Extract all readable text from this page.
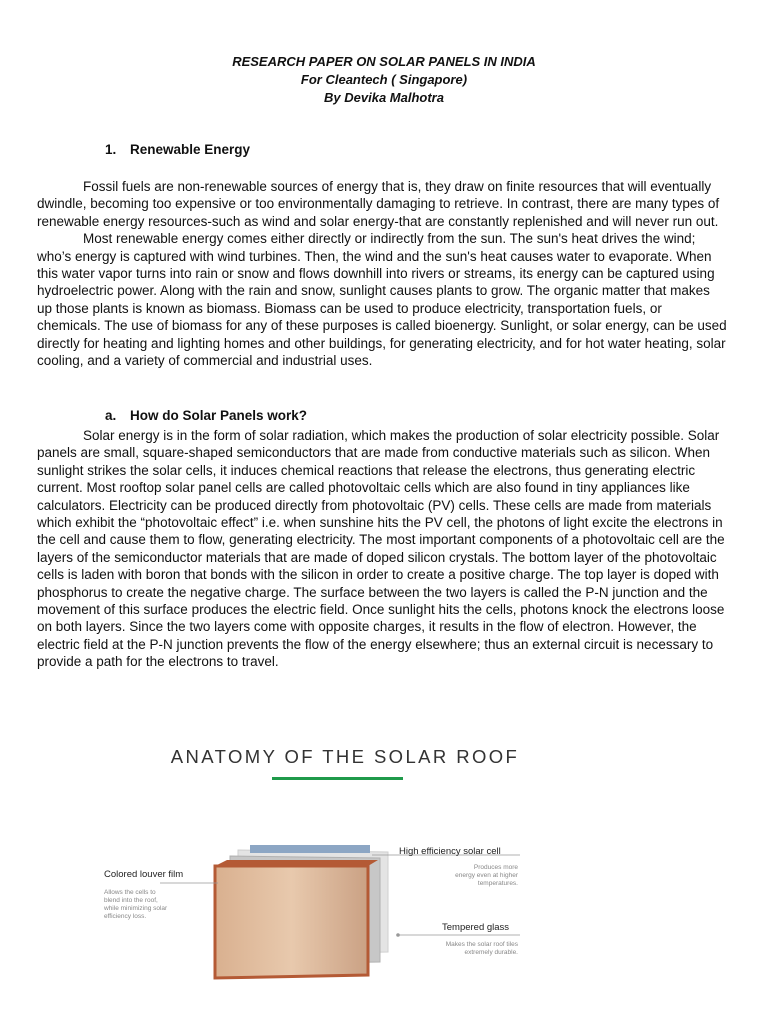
RESEARCH PAPER ON SOLAR PANELS IN INDIA
For Cleantech ( Singapore)
By Devika Malhotra
1. Renewable Energy

Fossil fuels are non-renewable sources of energy that is, they draw on finite resources that will eventually dwindle, becoming too expensive or too environmentally damaging to retrieve. In contrast, there are many types of renewable energy resources-such as wind and solar energy-that are constantly replenished and will never run out.

Most renewable energy comes either directly or indirectly from the sun. The sun's heat drives the wind; who’s energy is captured with wind turbines. Then, the wind and the sun's heat causes water to evaporate. When this water vapor turns into rain or snow and flows downhill into rivers or streams, its energy can be captured using hydroelectric power. Along with the rain and snow, sunlight causes plants to grow. The organic matter that makes up those plants is known as biomass. Biomass can be used to produce electricity, transportation fuels, or chemicals. The use of biomass for any of these purposes is called bioenergy. Sunlight, or solar energy, can be used directly for heating and lighting homes and other buildings, for generating electricity, and for hot water heating, solar cooling, and a variety of commercial and industrial uses.

a. How do Solar Panels work?

Solar energy is in the form of solar radiation, which makes the production of solar electricity possible. Solar panels are small, square-shaped semiconductors that are made from conductive materials such as silicon. When sunlight strikes the solar cells, it induces chemical reactions that release the electrons, thus generating electric current. Most rooftop solar panel cells are called photovoltaic cells which are also found in tiny appliances like calculators. Electricity can be produced directly from photovoltaic (PV) cells. These cells are made from materials which exhibit the “photovoltaic effect” i.e. when sunshine hits the PV cell, the photons of light excite the electrons in the cell and cause them to flow, generating electricity. The most important components of a photovoltaic cell are the layers of the semiconductor materials that are made of doped silicon crystals. The bottom layer of the photovoltaic cells is laden with boron that bonds with the silicon in order to create a positive charge. The top layer is doped with phosphorus to create the negative charge. The surface between the two layers is called the P-N junction and the movement of this surface produces the electric field. Once sunlight hits the cells, photons knock the electrons loose on both layers. Since the two layers come with opposite charges, it results in the flow of electron. However, the electric field at the P-N junction prevents the flow of the energy elsewhere; thus an external circuit is necessary to provide a path for the electrons to travel.

ANATOMY OF THE SOLAR ROOF
Colored louver film
Allows the cells to
blend into the roof,
while minimizing solar
efficiency loss.
High efficiency solar cell
Produces more
energy even at higher
temperatures.
Tempered glass
Makes the solar roof tiles
extremely durable.
